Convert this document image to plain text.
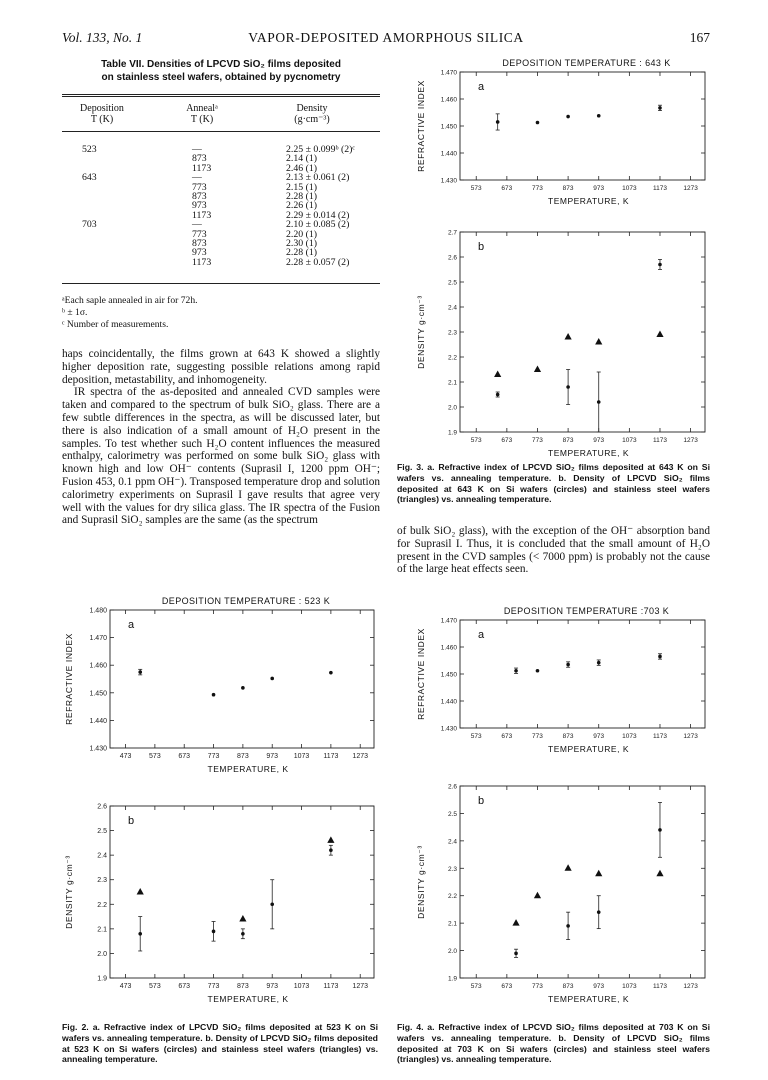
Vol. 133, No. 1	VAPOR-DEPOSITED AMORPHOUS SILICA	167
Table VII. Densities of LPCVD SiO₂ films deposited
on stainless steel wafers, obtained by pycnometry
Deposition	Annealᵃ	Density
T (K)	T (K)	(g·cm⁻³)
523	—	2.25 ± 0.099ᵇ (2)ᶜ
	873	2.14 (1)
	1173	2.46 (1)
643	—	2.13 ± 0.061 (2)
	773	2.15 (1)
	873	2.28 (1)
	973	2.26 (1)
	1173	2.29 ± 0.014 (2)
703	—	2.10 ± 0.085 (2)
	773	2.20 (1)
	873	2.30 (1)
	973	2.28 (1)
	1173	2.28 ± 0.057 (2)
ᵃEach saple annealed in air for 72h.
ᵇ ± 1σ.
ᶜ Number of measurements.

haps coincidentally, the films grown at 643 K showed a slightly higher deposition rate, suggesting possible relations among rapid deposition, metastability, and inhomogeneity.

IR spectra of the as-deposited and annealed CVD samples were taken and compared to the spectrum of bulk SiO₂ glass. There are a few subtle differences in the spectra, as will be discussed later, but there is also indication of a small amount of H₂O present in the samples. To test whether such H₂O content influences the measured enthalpy, calorimetry was performed on some bulk SiO₂ glass with known high and low OH⁻ contents (Suprasil I, 1200 ppm OH⁻; Fusion 453, 0.1 ppm OH⁻). Transposed temperature drop and solution calorimetry experiments on Suprasil I gave results that agree very well with the values for dry silica glass. The IR spectra of the Fusion and Suprasil SiO₂ samples are the same (as the spectrum

of bulk SiO₂ glass), with the exception of the OH⁻ absorption band for Suprasil I. Thus, it is concluded that the small amount of H₂O present in the CVD samples (< 7000 ppm) is probably not the cause of the large heat effects seen.

573	673	773	873	973	1073	1173	1273
1.430
1.440
1.450
1.460
1.470
a
DEPOSITION TEMPERATURE : 643 K
TEMPERATURE, K
REFRACTIVE INDEX
573	673	773	873	973	1073	1173	1273
1.9
2.0
2.1
2.2
2.3
2.4
2.5
2.6
2.7
b
TEMPERATURE, K
DENSITY g·cm⁻³
473	573	673	773	873	973 1073 1173 1273
1.430
1.440
1.450
1.460
1.470
1.480
a
DEPOSITION TEMPERATURE : 523 K
TEMPERATURE, K
REFRACTIVE INDEX
473	573	673	773	873	973 1073 1173 1273
1.9
2.0
2.1
2.2
2.3
2.4
2.5
2.6
b
TEMPERATURE, K
DENSITY g·cm⁻³
573	673	773	873	973	1073	1173	1273
1.430
1.440
1.450
1.460
1.470
a
DEPOSITION TEMPERATURE :703 K
TEMPERATURE, K
REFRACTIVE INDEX
573	673	773	873	973	1073	1173	1273
1.9
2.0
2.1
2.2
2.3
2.4
2.5
2.6
b
TEMPERATURE, K
DENSITY g·cm⁻³
Fig. 3. a. Refractive index of LPCVD SiO₂ films deposited at 643 K on Si wafers vs. annealing temperature. b. Density of LPCVD SiO₂ films deposited at 643 K on Si wafers (circles) and stainless steel wafers (triangles) vs. annealing temperature.
Fig. 2. a. Refractive index of LPCVD SiO₂ films deposited at 523 K on Si wafers vs. annealing temperature. b. Density of LPCVD SiO₂ films deposited at 523 K on Si wafers (circles) and stainless steel wafers (triangles) vs. annealing temperature.
Fig. 4. a. Refractive index of LPCVD SiO₂ films deposited at 703 K on Si wafers vs. annealing temperature. b. Density of LPCVD SiO₂ films deposited at 703 K on Si wafers (circles) and stainless steel wafers (triangles) vs. annealing temperature.
